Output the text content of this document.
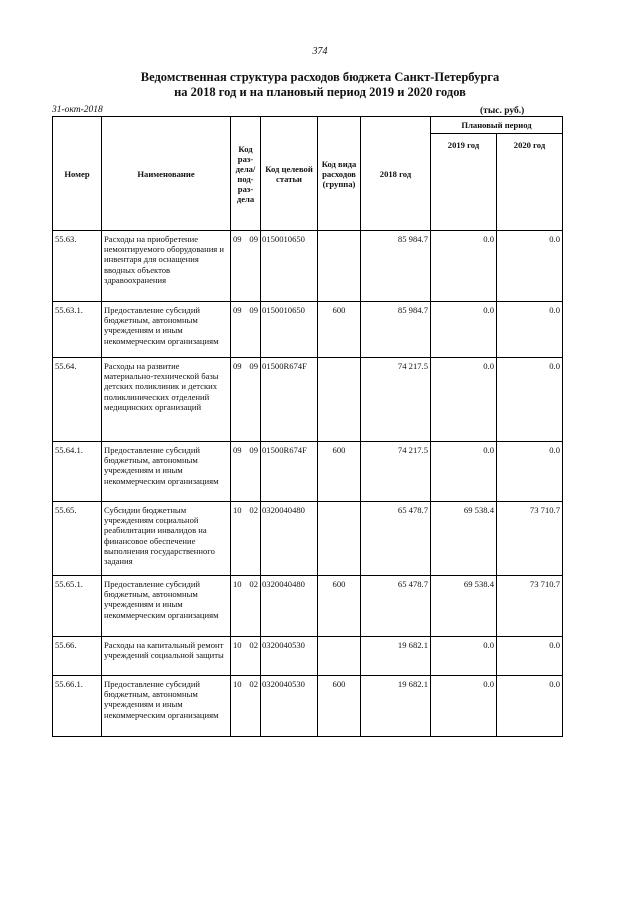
374
Ведомственная структура расходов бюджета Санкт-Петербурга
на 2018 год и на плановый период 2019 и 2020 годов
31-окт-2018	(тыс. руб.)
Номер	Наименование	Код раз-дела/ под-раз-дела		Код целевой статьи	Код вида расходов (группа)	2018 год	Плановый период	
							2019 год	2020 год
55.63.	Расходы на приобретение немонтируемого оборудования и инвентаря для оснащения вводных объектов здравоохранения	09	09	0150010650		85 984.7	0.0	0.0
55.63.1.	Предоставление субсидий бюджетным, автономным учреждениям и иным некоммерческим организациям	09	09	0150010650	600	85 984.7	0.0	0.0
55.64.	Расходы на развитие материально-технической базы детских поликлиник и детских поликлинических отделений медицинских организаций	09	09	01500R674F		74 217.5	0.0	0.0
55.64.1.	Предоставление субсидий бюджетным, автономным учреждениям и иным некоммерческим организациям	09	09	01500R674F	600	74 217.5	0.0	0.0
55.65.	Субсидии бюджетным учреждениям социальной реабилитации инвалидов на финансовое обеспечение выполнения государственного задания	10	02	0320040480		65 478.7	69 538.4	73 710.7
55.65.1.	Предоставление субсидий бюджетным, автономным учреждениям и иным некоммерческим организациям	10	02	0320040480	600	65 478.7	69 538.4	73 710.7
55.66.	Расходы на капитальный ремонт учреждений социальной защиты	10	02	0320040530		19 682.1	0.0	0.0
55.66.1.	Предоставление субсидий бюджетным, автономным учреждениям и иным некоммерческим организациям	10	02	0320040530	600	19 682.1	0.0	0.0
